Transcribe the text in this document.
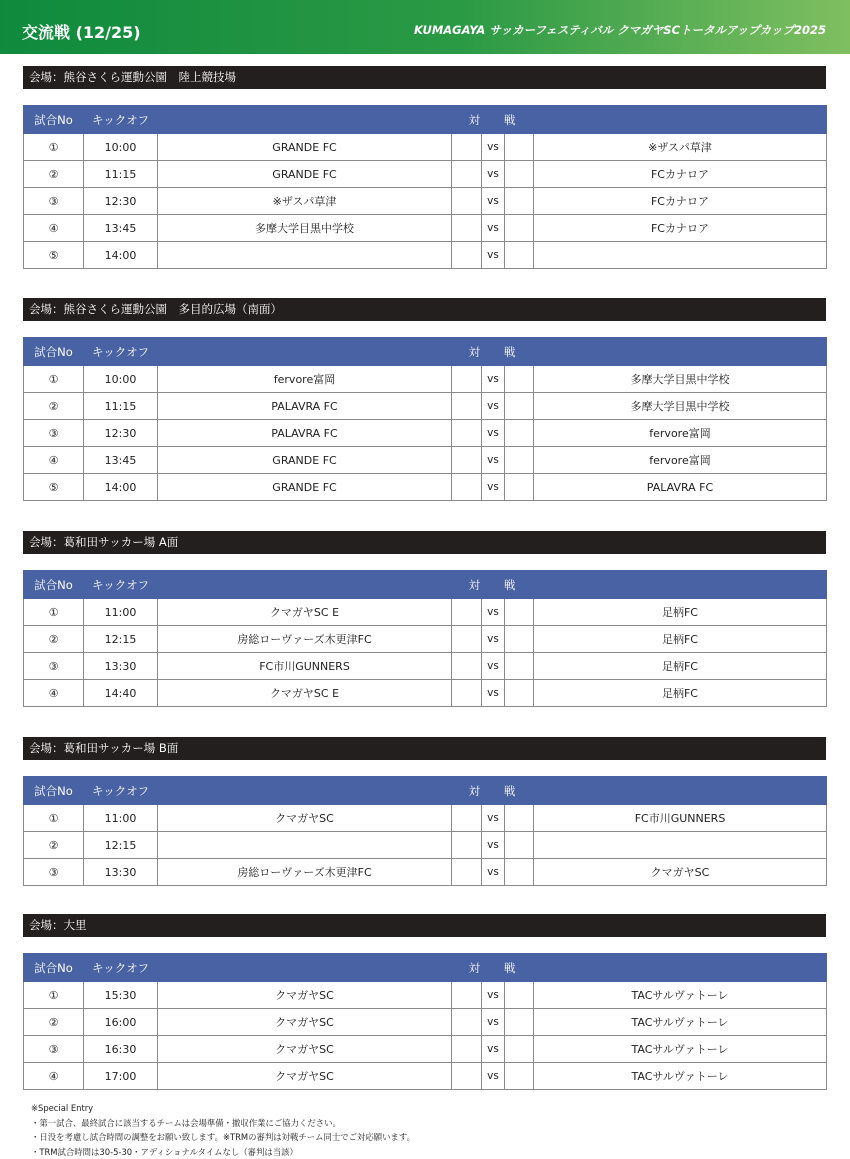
交流戦 (12/25)	KUMAGAYA サッカーフェスティバル クマガヤSCトータルアップカップ2025
会場：熊谷さくら運動公園　陸上競技場
試合No	キックオフ	対 戦				
①	10:00	GRANDE FC		vs		※ザスパ草津
②	11:15	GRANDE FC		vs		FCカナロア
③	12:30	※ザスパ草津		vs		FCカナロア
④	13:45	多摩大学目黒中学校		vs		FCカナロア
⑤	14:00			vs		
会場：熊谷さくら運動公園　多目的広場（南面）
試合No	キックオフ	対 戦				
①	10:00	fervore富岡		vs		多摩大学目黒中学校
②	11:15	PALAVRA FC		vs		多摩大学目黒中学校
③	12:30	PALAVRA FC		vs		fervore富岡
④	13:45	GRANDE FC		vs		fervore富岡
⑤	14:00	GRANDE FC		vs		PALAVRA FC
会場：葛和田サッカー場 A面
試合No	キックオフ	対 戦				
①	11:00	クマガヤSC E		vs		足柄FC
②	12:15	房総ローヴァーズ木更津FC		vs		足柄FC
③	13:30	FC市川GUNNERS		vs		足柄FC
④	14:40	クマガヤSC E		vs		足柄FC
会場：葛和田サッカー場 B面
試合No	キックオフ	対 戦				
①	11:00	クマガヤSC		vs		FC市川GUNNERS
②	12:15			vs		
③	13:30	房総ローヴァーズ木更津FC		vs		クマガヤSC
会場：大里
試合No	キックオフ	対 戦				
①	15:30	クマガヤSC		vs		TACサルヴァトーレ
②	16:00	クマガヤSC		vs		TACサルヴァトーレ
③	16:30	クマガヤSC		vs		TACサルヴァトーレ
④	17:00	クマガヤSC		vs		TACサルヴァトーレ
※Special Entry
・第一試合、最終試合に該当するチームは会場準備・撤収作業にご協力ください。
・日没を考慮し試合時間の調整をお願い致します。※TRMの審判は対戦チーム同士でご対応願います。
・TRM試合時間は30-5-30・アディショナルタイムなし（審判は当該）
